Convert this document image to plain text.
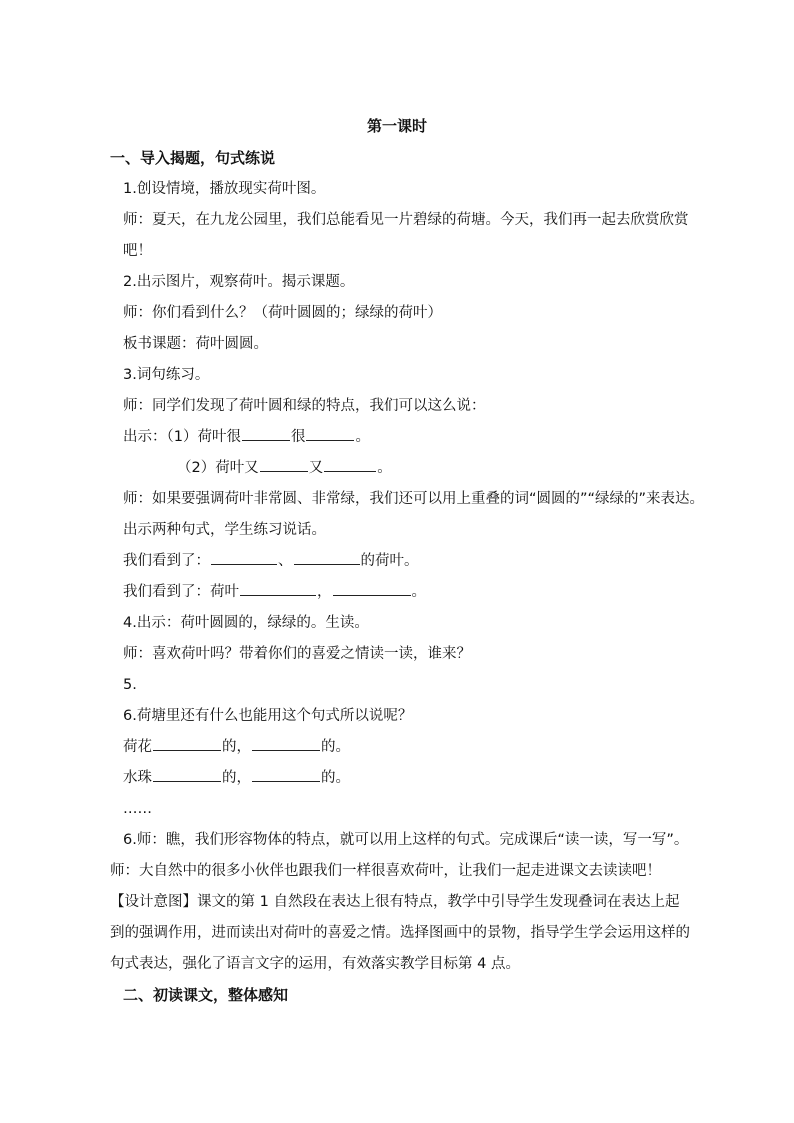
第一课时

一、导入揭题，句式练说

1.创设情境，播放现实荷叶图。

师：夏天，在九龙公园里，我们总能看见一片碧绿的荷塘。今天，我们再一起去欣赏欣赏吧！

2.出示图片，观察荷叶。揭示课题。

师：你们看到什么？（荷叶圆圆的；绿绿的荷叶）

板书课题：荷叶圆圆。

3.词句练习。

师：同学们发现了荷叶圆和绿的特点，我们可以这么说：

出示：（1）荷叶很	很	。

（2）荷叶又	又	。

师：如果要强调荷叶非常圆、非常绿，我们还可以用上重叠的词“圆圆的”“绿绿的”来表达。出示两种句式，学生练习说话。

我们看到了：	、	的荷叶。

我们看到了：荷叶	，	。

4.出示：荷叶圆圆的，绿绿的。生读。

师：喜欢荷叶吗？带着你们的喜爱之情读一读，谁来？

5.

6.荷塘里还有什么也能用这个句式所以说呢？

荷花	的，	的。

水珠	的，	的。

……

6.师：瞧，我们形容物体的特点，就可以用上这样的句式。完成课后“读一读，写一写”。

师：大自然中的很多小伙伴也跟我们一样很喜欢荷叶，让我们一起走进课文去读读吧！

【设计意图】课文的第 1 自然段在表达上很有特点，教学中引导学生发现叠词在表达上起到的强调作用，进而读出对荷叶的喜爱之情。选择图画中的景物，指导学生学会运用这样的句式表达，强化了语言文字的运用，有效落实教学目标第 4 点。

二、初读课文，整体感知
